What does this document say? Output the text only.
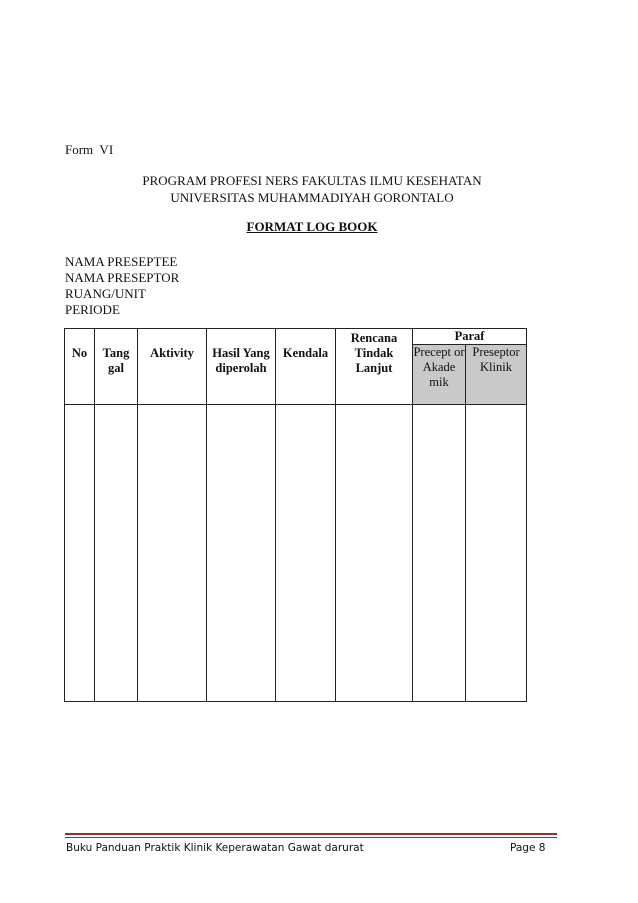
Form  VI
PROGRAM PROFESI NERS FAKULTAS ILMU KESEHATAN
UNIVERSITAS MUHAMMADIYAH GORONTALO
FORMAT LOG BOOK
NAMA PRESEPTEE
NAMA PRESEPTOR
RUANG/UNIT
PERIODE
No	Tang gal	Aktivity	Hasil Yang diperolah	Kendala	Rencana Tindak Lanjut	Paraf	
						Precept or Akade mik	Preseptor Klinik

Buku Panduan Praktik Klinik Keperawatan Gawat darurat	Page 8
